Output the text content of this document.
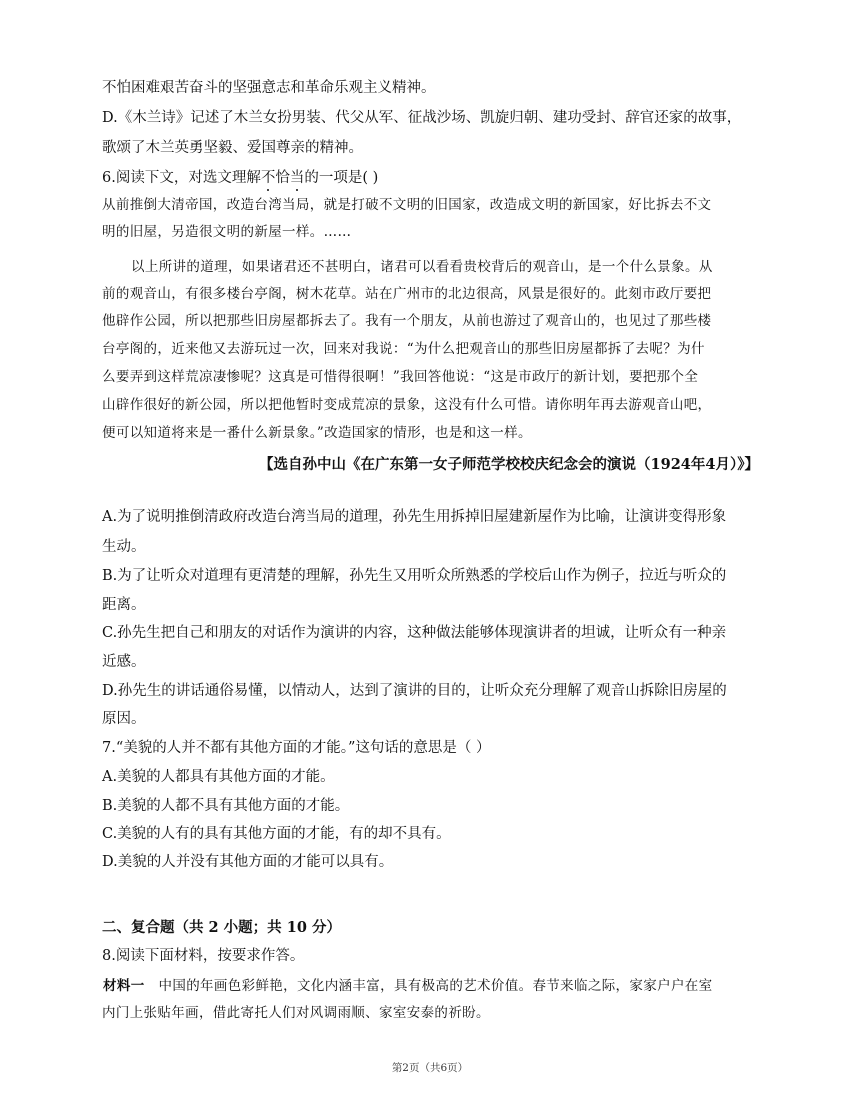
不怕困难艰苦奋斗的坚强意志和革命乐观主义精神。
D.《木兰诗》记述了木兰女扮男装、代父从军、征战沙场、凯旋归朝、建功受封、辞官还家的故事，
歌颂了木兰英勇坚毅、爱国尊亲的精神。
6.阅读下文，对选文理解不恰当的一项是( )
从前推倒大清帝国，改造台湾当局，就是打破不文明的旧国家，改造成文明的新国家，好比拆去不文
明的旧屋，另造很文明的新屋一样。……
以上所讲的道理，如果诸君还不甚明白，诸君可以看看贵校背后的观音山，是一个什么景象。从
前的观音山，有很多楼台亭阁，树木花草。站在广州市的北边很高，风景是很好的。此刻市政厅要把
他辟作公园，所以把那些旧房屋都拆去了。我有一个朋友，从前也游过了观音山的，也见过了那些楼
台亭阁的，近来他又去游玩过一次，回来对我说：“为什么把观音山的那些旧房屋都拆了去呢？为什
么要弄到这样荒凉凄惨呢？这真是可惜得很啊！”我回答他说：“这是市政厅的新计划，要把那个全
山辟作很好的新公园，所以把他暂时变成荒凉的景象，这没有什么可惜。请你明年再去游观音山吧，
便可以知道将来是一番什么新景象。”改造国家的情形，也是和这一样。
【选自孙中山《在广东第一女子师范学校校庆纪念会的演说（1924年4月）》】
A.为了说明推倒清政府改造台湾当局的道理，孙先生用拆掉旧屋建新屋作为比喻，让演讲变得形象
生动。
B.为了让听众对道理有更清楚的理解，孙先生又用听众所熟悉的学校后山作为例子，拉近与听众的
距离。
C.孙先生把自己和朋友的对话作为演讲的内容，这种做法能够体现演讲者的坦诚，让听众有一种亲
近感。
D.孙先生的讲话通俗易懂，以情动人，达到了演讲的目的，让听众充分理解了观音山拆除旧房屋的
原因。
7.“美貌的人并不都有其他方面的才能。”这句话的意思是（ ）
A.美貌的人都具有其他方面的才能。
B.美貌的人都不具有其他方面的才能。
C.美貌的人有的具有其他方面的才能，有的却不具有。
D.美貌的人并没有其他方面的才能可以具有。
二、复合题（共 2 小题；共 10 分）
8.阅读下面材料，按要求作答。
材料一 中国的年画色彩鲜艳，文化内涵丰富，具有极高的艺术价值。春节来临之际，家家户户在室
内门上张贴年画，借此寄托人们对风调雨顺、家室安泰的祈盼。
第2页（共6页）
